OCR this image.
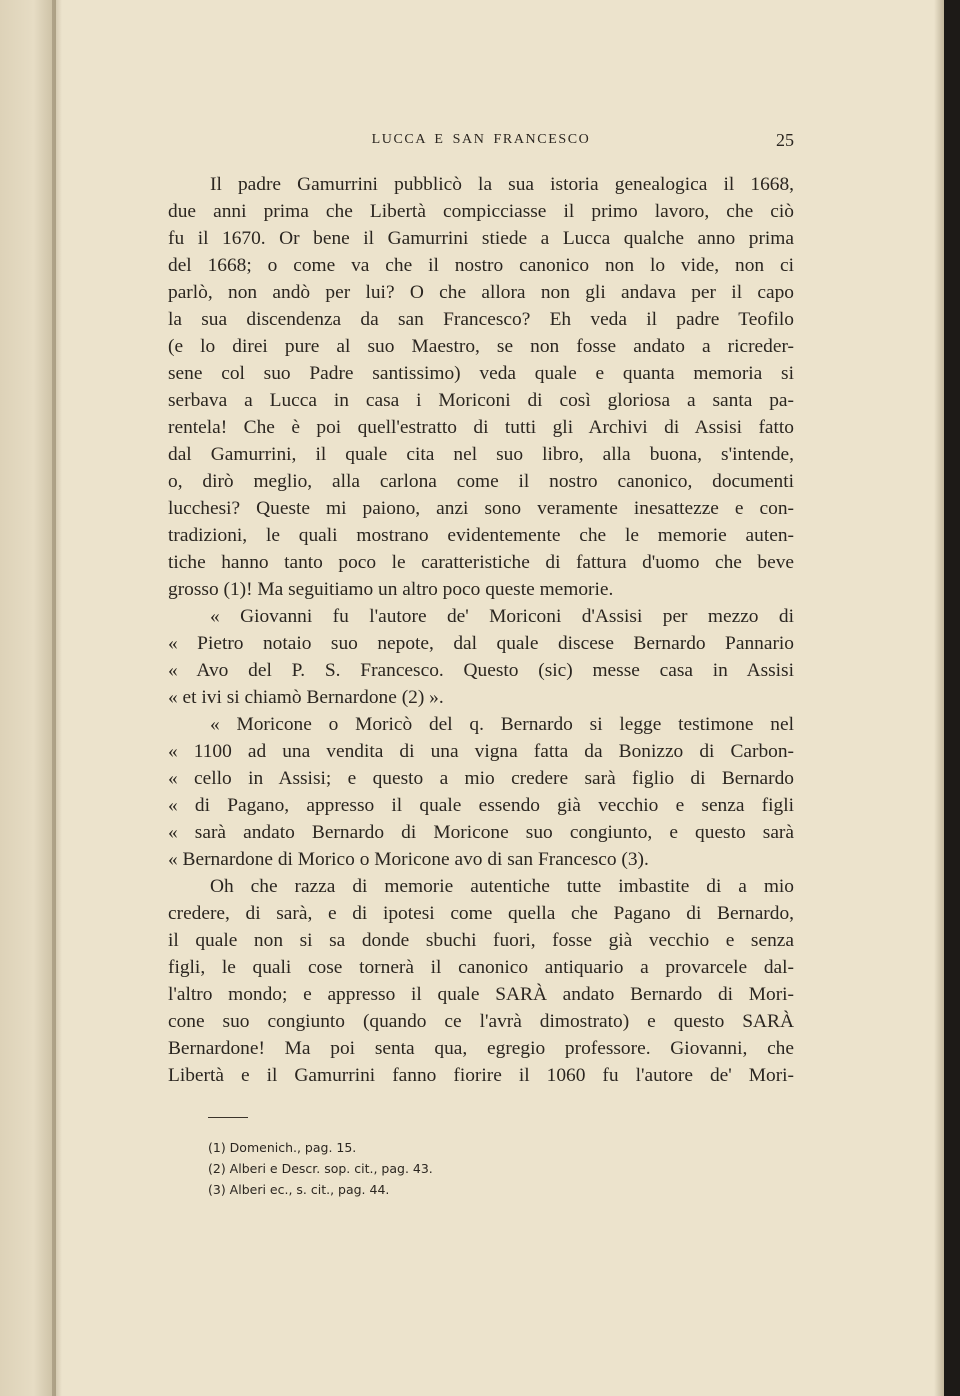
LUCCA E SAN FRANCESCO	25
Il padre Gamurrini pubblicò la sua istoria genealogica il 1668,
due anni prima che Libertà compicciasse il primo lavoro, che ciò
fu il 1670. Or bene il Gamurrini stiede a Lucca qualche anno prima
del 1668; o come va che il nostro canonico non lo vide, non ci
parlò, non andò per lui? O che allora non gli andava per il capo
la sua discendenza da san Francesco? Eh veda il padre Teofilo
(e lo direi pure al suo Maestro, se non fosse andato a ricreder-
sene col suo Padre santissimo) veda quale e quanta memoria si
serbava a Lucca in casa i Moriconi di così gloriosa a santa pa-
rentela! Che è poi quell'estratto di tutti gli Archivi di Assisi fatto
dal Gamurrini, il quale cita nel suo libro, alla buona, s'intende,
o, dirò meglio, alla carlona come il nostro canonico, documenti
lucchesi? Queste mi paiono, anzi sono veramente inesattezze e con-
tradizioni, le quali mostrano evidentemente che le memorie auten-
tiche hanno tanto poco le caratteristiche di fattura d'uomo che beve
grosso (1)! Ma seguitiamo un altro poco queste memorie.
« Giovanni fu l'autore de' Moriconi d'Assisi per mezzo di
« Pietro notaio suo nepote, dal quale discese Bernardo Pannario
« Avo del P. S. Francesco. Questo (sic) messe casa in Assisi
« et ivi si chiamò Bernardone (2) ».
« Moricone o Moricò del q. Bernardo si legge testimone nel
« 1100 ad una vendita di una vigna fatta da Bonizzo di Carbon-
« cello in Assisi; e questo a mio credere sarà figlio di Bernardo
« di Pagano, appresso il quale essendo già vecchio e senza figli
« sarà andato Bernardo di Moricone suo congiunto, e questo sarà
« Bernardone di Morico o Moricone avo di san Francesco (3).
Oh che razza di memorie autentiche tutte imbastite di a mio
credere, di sarà, e di ipotesi come quella che Pagano di Bernardo,
il quale non si sa donde sbuchi fuori, fosse già vecchio e senza
figli, le quali cose tornerà il canonico antiquario a provarcele dal-
l'altro mondo; e appresso il quale SARÀ andato Bernardo di Mori-
cone suo congiunto (quando ce l'avrà dimostrato) e questo SARÀ
Bernardone! Ma poi senta qua, egregio professore. Giovanni, che
Libertà e il Gamurrini fanno fiorire il 1060 fu l'autore de' Mori-
(1) Domenich., pag. 15.
(2) Alberi e Descr. sop. cit., pag. 43.
(3) Alberi ec., s. cit., pag. 44.
